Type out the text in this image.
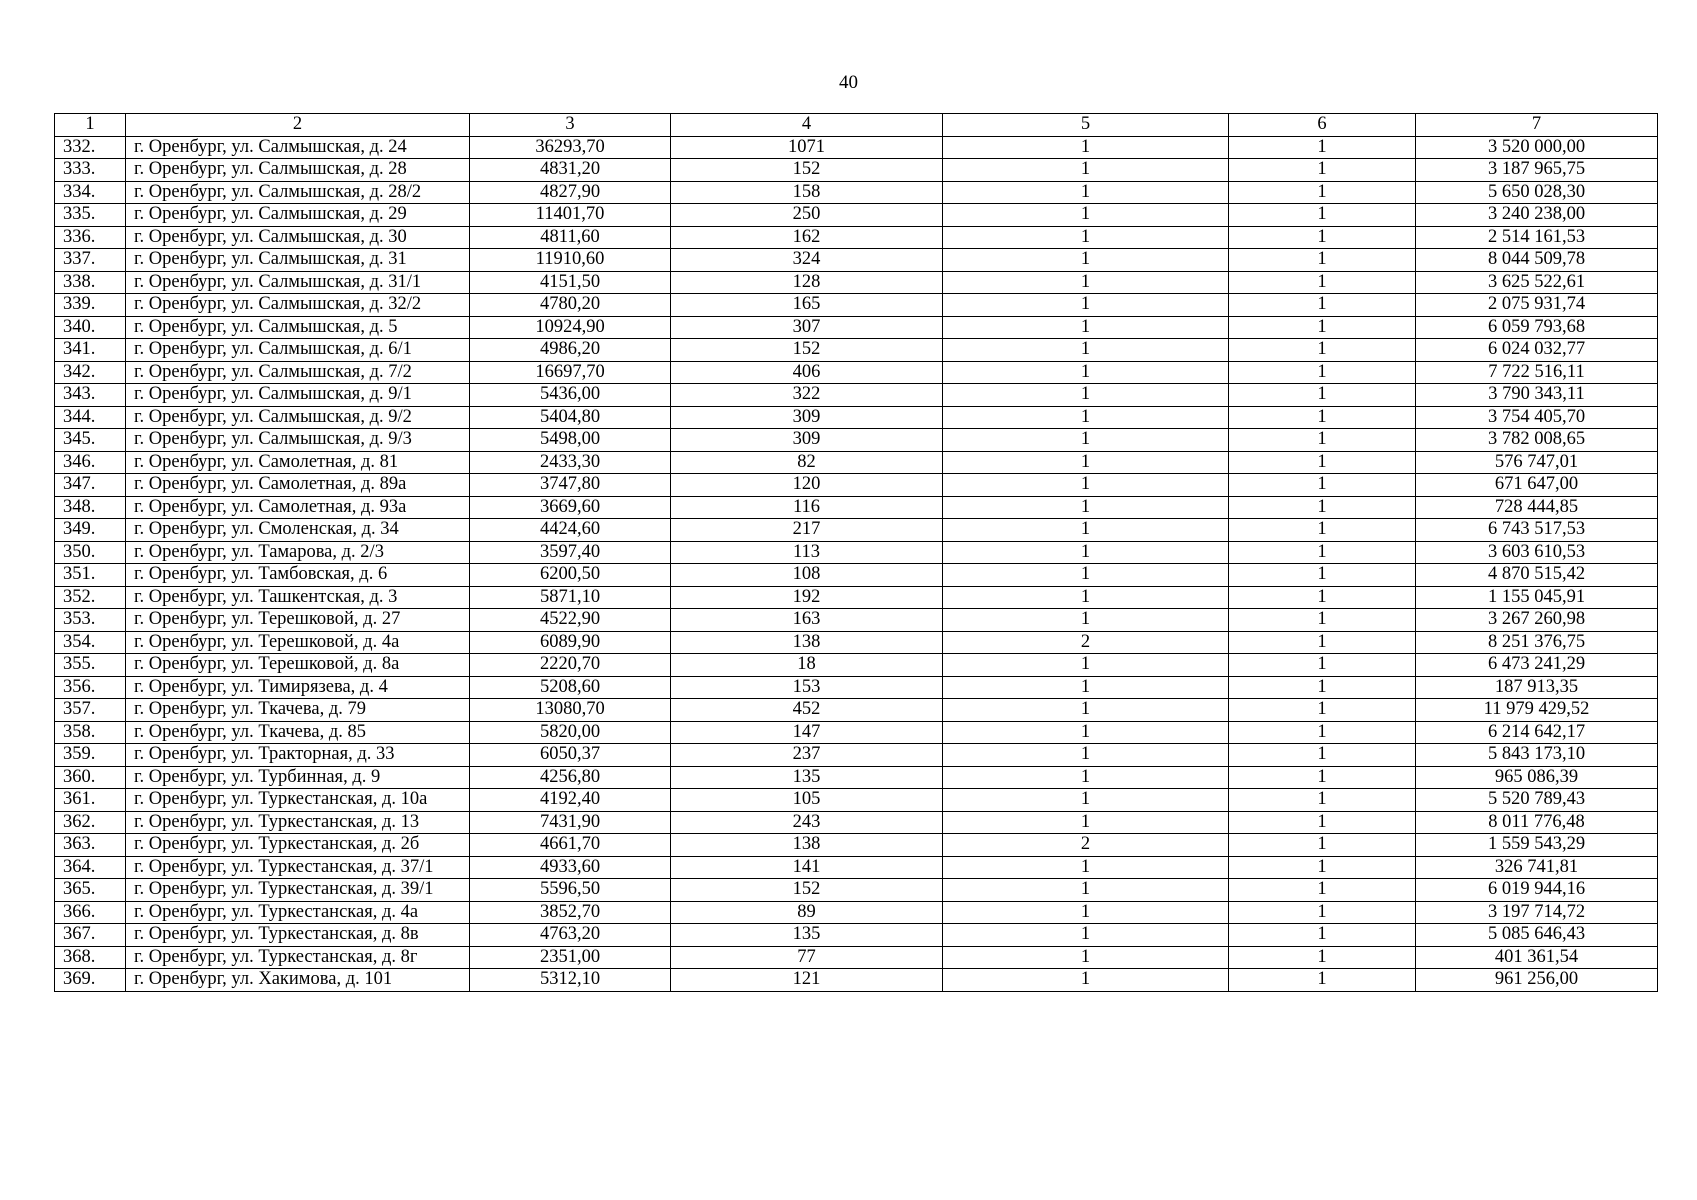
40
1	2	3	4	5	6	7
332.	г. Оренбург, ул. Салмышская, д. 24	36293,70	1071	1	1	3 520 000,00
333.	г. Оренбург, ул. Салмышская, д. 28	4831,20	152	1	1	3 187 965,75
334.	г. Оренбург, ул. Салмышская, д. 28/2	4827,90	158	1	1	5 650 028,30
335.	г. Оренбург, ул. Салмышская, д. 29	11401,70	250	1	1	3 240 238,00
336.	г. Оренбург, ул. Салмышская, д. 30	4811,60	162	1	1	2 514 161,53
337.	г. Оренбург, ул. Салмышская, д. 31	11910,60	324	1	1	8 044 509,78
338.	г. Оренбург, ул. Салмышская, д. 31/1	4151,50	128	1	1	3 625 522,61
339.	г. Оренбург, ул. Салмышская, д. 32/2	4780,20	165	1	1	2 075 931,74
340.	г. Оренбург, ул. Салмышская, д. 5	10924,90	307	1	1	6 059 793,68
341.	г. Оренбург, ул. Салмышская, д. 6/1	4986,20	152	1	1	6 024 032,77
342.	г. Оренбург, ул. Салмышская, д. 7/2	16697,70	406	1	1	7 722 516,11
343.	г. Оренбург, ул. Салмышская, д. 9/1	5436,00	322	1	1	3 790 343,11
344.	г. Оренбург, ул. Салмышская, д. 9/2	5404,80	309	1	1	3 754 405,70
345.	г. Оренбург, ул. Салмышская, д. 9/3	5498,00	309	1	1	3 782 008,65
346.	г. Оренбург, ул. Самолетная, д. 81	2433,30	82	1	1	576 747,01
347.	г. Оренбург, ул. Самолетная, д. 89а	3747,80	120	1	1	671 647,00
348.	г. Оренбург, ул. Самолетная, д. 93а	3669,60	116	1	1	728 444,85
349.	г. Оренбург, ул. Смоленская, д. 34	4424,60	217	1	1	6 743 517,53
350.	г. Оренбург, ул. Тамарова, д. 2/3	3597,40	113	1	1	3 603 610,53
351.	г. Оренбург, ул. Тамбовская, д. 6	6200,50	108	1	1	4 870 515,42
352.	г. Оренбург, ул. Ташкентская, д. 3	5871,10	192	1	1	1 155 045,91
353.	г. Оренбург, ул. Терешковой, д. 27	4522,90	163	1	1	3 267 260,98
354.	г. Оренбург, ул. Терешковой, д. 4а	6089,90	138	2	1	8 251 376,75
355.	г. Оренбург, ул. Терешковой, д. 8а	2220,70	18	1	1	6 473 241,29
356.	г. Оренбург, ул. Тимирязева, д. 4	5208,60	153	1	1	187 913,35
357.	г. Оренбург, ул. Ткачева, д. 79	13080,70	452	1	1	11 979 429,52
358.	г. Оренбург, ул. Ткачева, д. 85	5820,00	147	1	1	6 214 642,17
359.	г. Оренбург, ул. Тракторная, д. 33	6050,37	237	1	1	5 843 173,10
360.	г. Оренбург, ул. Турбинная, д. 9	4256,80	135	1	1	965 086,39
361.	г. Оренбург, ул. Туркестанская, д. 10а	4192,40	105	1	1	5 520 789,43
362.	г. Оренбург, ул. Туркестанская, д. 13	7431,90	243	1	1	8 011 776,48
363.	г. Оренбург, ул. Туркестанская, д. 2б	4661,70	138	2	1	1 559 543,29
364.	г. Оренбург, ул. Туркестанская, д. 37/1	4933,60	141	1	1	326 741,81
365.	г. Оренбург, ул. Туркестанская, д. 39/1	5596,50	152	1	1	6 019 944,16
366.	г. Оренбург, ул. Туркестанская, д. 4а	3852,70	89	1	1	3 197 714,72
367.	г. Оренбург, ул. Туркестанская, д. 8в	4763,20	135	1	1	5 085 646,43
368.	г. Оренбург, ул. Туркестанская, д. 8г	2351,00	77	1	1	401 361,54
369.	г. Оренбург, ул. Хакимова, д. 101	5312,10	121	1	1	961 256,00
